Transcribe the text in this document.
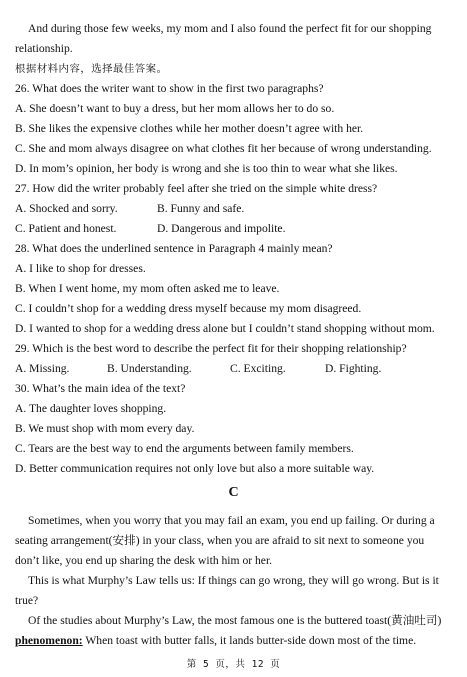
And during those few weeks, my mom and I also found the perfect fit for our shopping
relationship.
根据材料内容，选择最佳答案。
26. What does the writer want to show in the first two paragraphs?
A. She doesn’t want to buy a dress, but her mom allows her to do so.
B. She likes the expensive clothes while her mother doesn’t agree with her.
C. She and mom always disagree on what clothes fit her because of wrong understanding.
D. In mom’s opinion, her body is wrong and she is too thin to wear what she likes.
27. How did the writer probably feel after she tried on the simple white dress?
A. Shocked and sorry.	B. Funny and safe.
C. Patient and honest.	D. Dangerous and impolite.
28. What does the underlined sentence in Paragraph 4 mainly mean?
A. I like to shop for dresses.
B. When I went home, my mom often asked me to leave.
C. I couldn’t shop for a wedding dress myself because my mom disagreed.
D. I wanted to shop for a wedding dress alone but I couldn’t stand shopping without mom.
29. Which is the best word to describe the perfect fit for their shopping relationship?
A. Missing.	B. Understanding.	C. Exciting.	D. Fighting.
30. What’s the main idea of the text?
A. The daughter loves shopping.
B. We must shop with mom every day.
C. Tears are the best way to end the arguments between family members.
D. Better communication requires not only love but also a more suitable way.
C
Sometimes, when you worry that you may fail an exam, you end up failing. Or during a
seating arrangement(安排) in your class, when you are afraid to sit next to someone you
don’t like, you end up sharing the desk with him or her.
This is what Murphy’s Law tells us: If things can go wrong, they will go wrong. But is it
true?
Of the studies about Murphy’s Law, the most famous one is the buttered toast(黄油吐司)
phenomenon: When toast with butter falls, it lands butter-side down most of the time.
第 5 页，共 12 页
